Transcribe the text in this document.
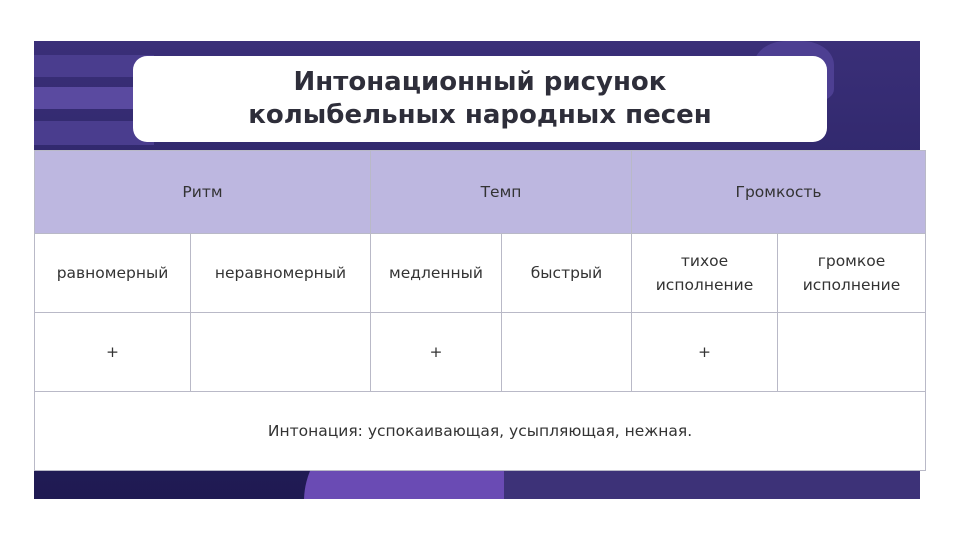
Интонационный рисунок
колыбельных народных песен
Ритм		Темп		Громкость	
равномерный	неравномерный	медленный	быстрый	тихое исполнение	громкое исполнение
+		+		+	
Интонация: успокаивающая, усыпляющая, нежная.					
